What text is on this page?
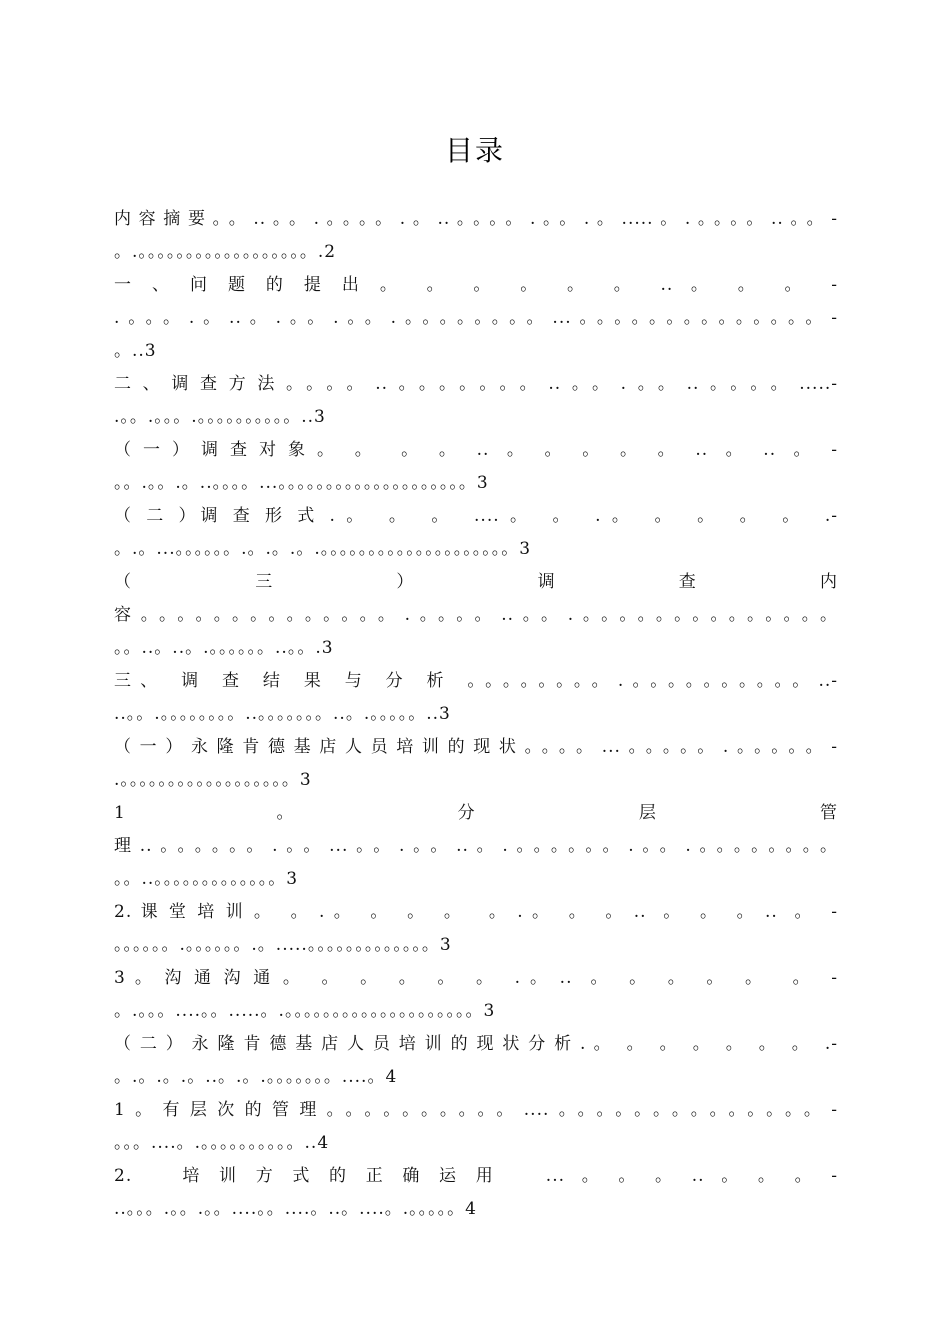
目录
内容摘要。。..。。.。。。。.。..。。。。.。。.。.....。.。。。。..。。-
。.。。。。。。。。。。。。。。。。。。.2
一  、  问  题  的  提  出  。   。   。   。   。   。   ..  。   。   。   -
.。。。.。..。.。。.。。.。。。。。。。。...。。。。。。。。。。。。。。-
。..3
二、调查方法。。。。..。。。。。。。..。。.。。..。。。。.....-
.。。.。。。.。。。。。。。。。。..3
（ 一 ） 调 查 对 象 。  。   。  。  ..  。  。  。  。  。  ..  。  ..  。  -
。。.。。.。..。。。。...。。。。。。。。。。。。。。。。。。。。3
（ 二 ）调 查 形 式 . 。  。  。  .... 。  。  . 。  。  。  。  。  .-
。.。...。。。。。。.。.。.。.。。。。。。。。。。。。。。。。。。。。3
（        三        ）        调        查        内
容。。。。。。。。。。。。。。.。。。。..。。.。。。。。。。。。。。。。。
。。..。..。.。。。。。。..。。.3
三、 调 查 结 果 与 分 析 。。。。。。。。.。。。。。。。。。。..-
..。。.。。。。。。。。..。。。。。。。..。.。。。。。..3
（一）永隆肯德基店人员培训的现状。。。。...。。。。。.。。。。。-
.。。。。。。。。。。。。。。。。。。3
1        。        分        层        管
理..。。。。。。.。。...。。.。。..。.。。。。。。.。。.。。。。。。。。
。。..。。。。。。。。。。。。。3
2. 课 堂 培 训 。  。 . 。  。  。  。   。 . 。  。  。 ..  。  。  。 ..  。  -
。。。。。。.。。。。。。.。.....。。。。。。。。。。。。。3
3 。 沟 通 沟 通 。  。  。  。  。  。  . 。 ..  。  。  。  。  。   。  -
。.。。。....。。.....。.。。。。。。。。。。。。。。。。。。。。3
（ 二 ） 永 隆 肯 德 基 店 人 员 培 训 的 现 状 分 析 . 。  。  。  。  。  。  。  .-
。.。.。.。..。.。.。。。。。。。....。4
1。有层次的管理。。。。。。。。。。....。。。。。。。。。。。。。。-
。。。....。.。。。。。。。。。。..4
2.      培  训  方  式  的  正  确  运  用      ...  。  。  。  ..  。  。  。  -
..。。。.。。.。。....。。....。..。....。.。。。。。4
